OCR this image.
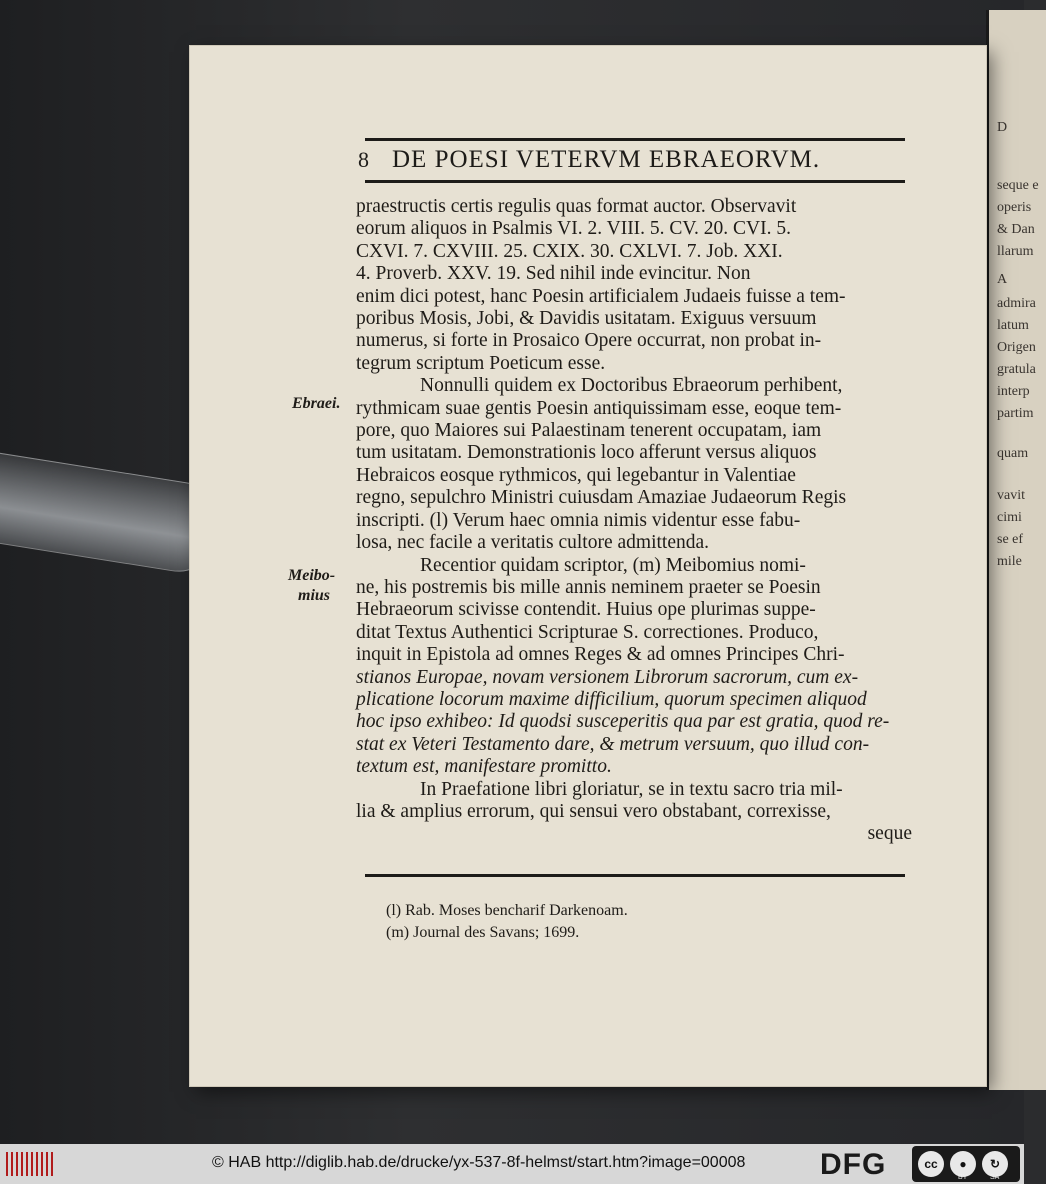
D
seque e
operis
& Dan
llarum
A
admira
latum
Origen
gratula
interp
partim
quam
vavit
cimi
se ef
mile
8 DE POESI VETERVM EBRAEORVM.
Ebraei.
Meibo-
mius

praestructis certis regulis quas format auctor. Observavit

eorum aliquos in Psalmis VI. 2. VIII. 5. CV. 20. CVI. 5.

CXVI. 7. CXVIII. 25. CXIX. 30. CXLVI. 7. Job. XXI.

4. Proverb. XXV. 19. Sed nihil inde evincitur. Non

enim dici potest, hanc Poesin artificialem Judaeis fuisse a tem-

poribus Mosis, Jobi, & Davidis usitatam. Exiguus versuum

numerus, si forte in Prosaico Opere occurrat, non probat in-

tegrum scriptum Poeticum esse.

Nonnulli quidem ex Doctoribus Ebraeorum perhibent,

rythmicam suae gentis Poesin antiquissimam esse, eoque tem-

pore, quo Maiores sui Palaestinam tenerent occupatam, iam

tum usitatam. Demonstrationis loco afferunt versus aliquos

Hebraicos eosque rythmicos, qui legebantur in Valentiae

regno, sepulchro Ministri cuiusdam Amaziae Judaeorum Regis

inscripti. (l) Verum haec omnia nimis videntur esse fabu-

losa, nec facile a veritatis cultore admittenda.

Recentior quidam scriptor, (m) Meibomius nomi-

ne, his postremis bis mille annis neminem praeter se Poesin

Hebraeorum scivisse contendit. Huius ope plurimas suppe-

ditat Textus Authentici Scripturae S. correctiones. Produco,

inquit in Epistola ad omnes Reges & ad omnes Principes Chri-

stianos Europae, novam versionem Librorum sacrorum, cum ex-

plicatione locorum maxime difficilium, quorum specimen aliquod

hoc ipso exhibeo: Id quodsi susceperitis qua par est gratia, quod re-

stat ex Veteri Testamento dare, & metrum versuum, quo illud con-

textum est, manifestare promitto.

In Praefatione libri gloriatur, se in textu sacro tria mil-

lia & amplius errorum, qui sensui vero obstabant, correxisse,

seque

(l) Rab. Moses bencharif Darkenoam.

(m) Journal des Savans; 1699.

© HAB http://diglib.hab.de/drucke/yx-537-8f-helmst/start.htm?image=00008 DFG	cc	●	↻
BY	SA
